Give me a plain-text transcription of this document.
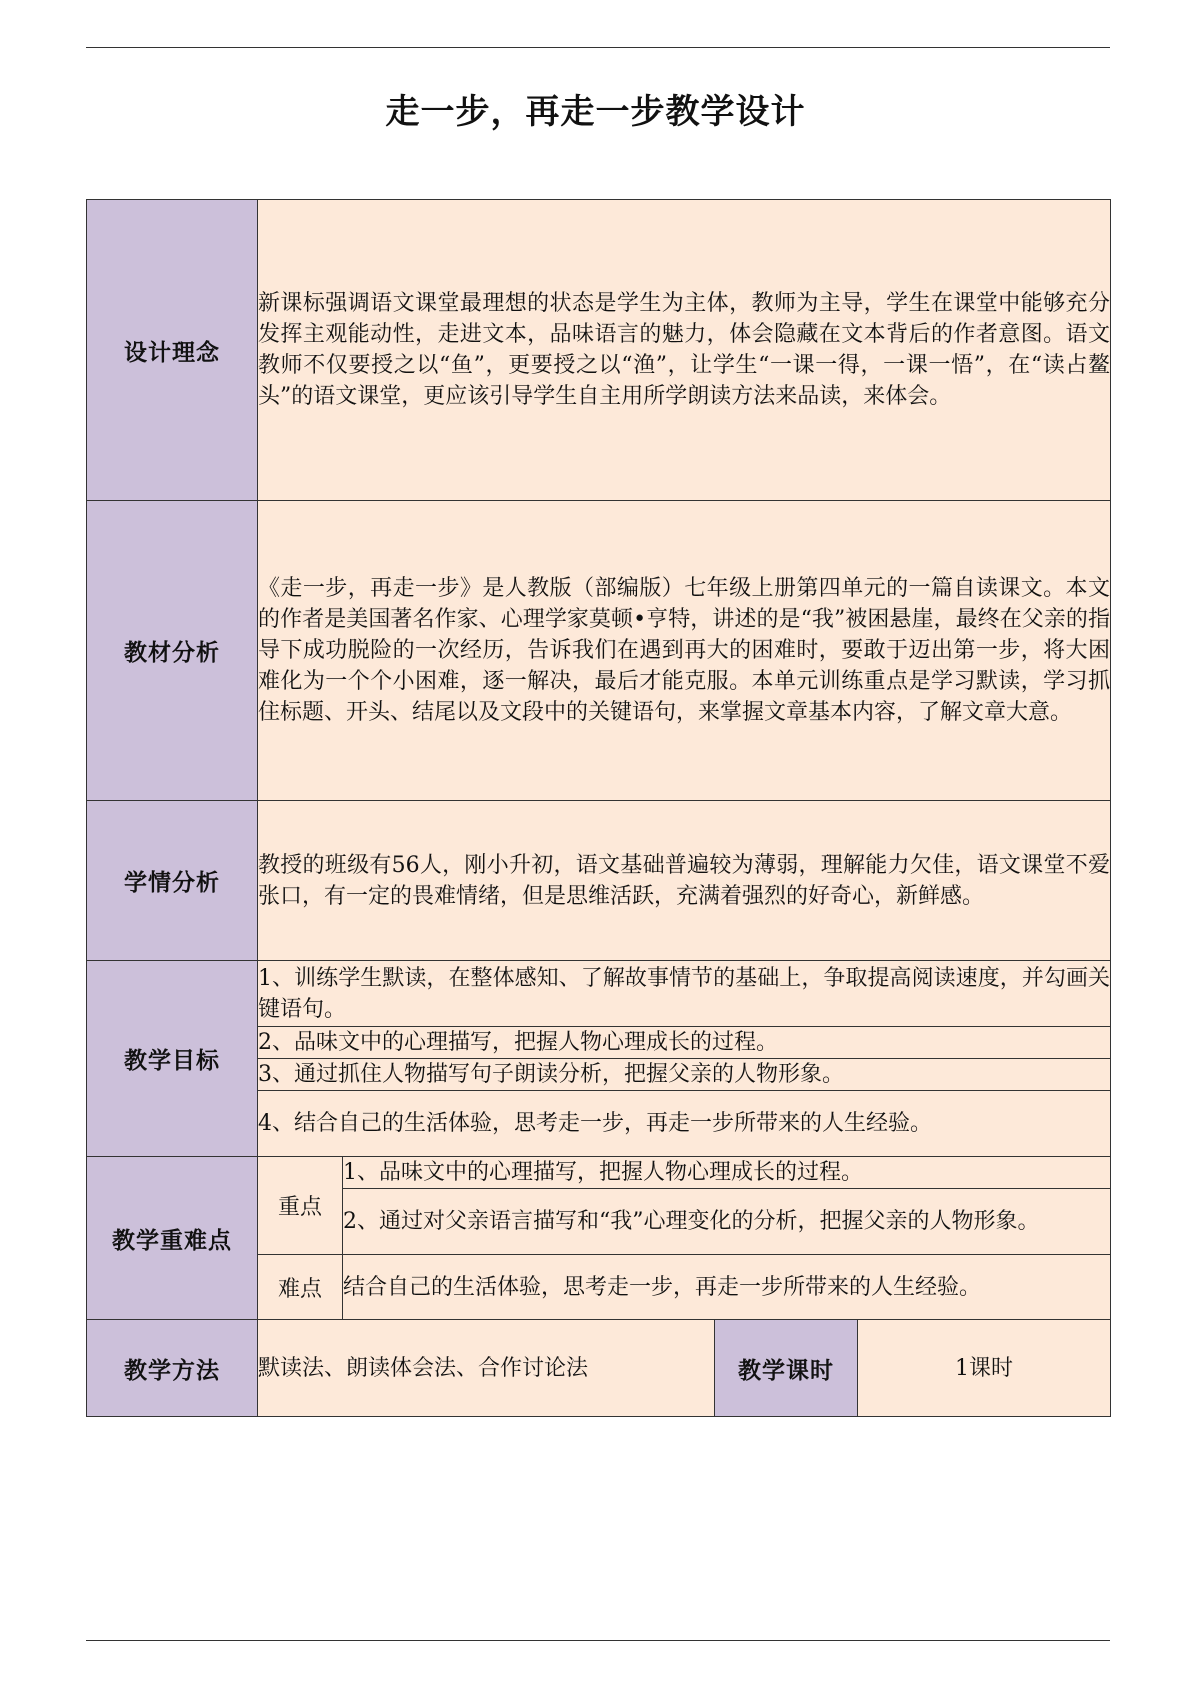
走一步，再走一步教学设计
设计理念	新课标强调语文课堂最理想的状态是学生为主体，教师为主导，学生在课堂中能够充分发挥主观能动性，走进文本，品味语言的魅力，体会隐藏在文本背后的作者意图。语文教师不仅要授之以“鱼”，更要授之以“渔”，让学生“一课一得，一课一悟”，在“读占鳌头”的语文课堂，更应该引导学生自主用所学朗读方法来品读，来体会。			

教材分析	《走一步，再走一步》是人教版（部编版）七年级上册第四单元的一篇自读课文。本文的作者是美国著名作家、心理学家莫顿•亨特，讲述的是“我”被困悬崖，最终在父亲的指导下成功脱险的一次经历，告诉我们在遇到再大的困难时，要敢于迈出第一步，将大困难化为一个个小困难，逐一解决，最后才能克服。本单元训练重点是学习默读，学习抓住标题、开头、结尾以及文段中的关键语句，来掌握文章基本内容，了解文章大意。			

学情分析	教授的班级有56人，刚小升初，语文基础普遍较为薄弱，理解能力欠佳，语文课堂不爱张口，有一定的畏难情绪，但是思维活跃，充满着强烈的好奇心，新鲜感。			

教学目标	1、训练学生默读，在整体感知、了解故事情节的基础上，争取提高阅读速度，并勾画关键语句。			

	2、品味文中的心理描写，把握人物心理成长的过程。			

	3、通过抓住人物描写句子朗读分析，把握父亲的人物形象。			

	4、结合自己的生活体验，思考走一步，再走一步所带来的人生经验。			

教学重难点	重点	1、品味文中的心理描写，把握人物心理成长的过程。		

		2、通过对父亲语言描写和“我”心理变化的分析，把握父亲的人物形象。		

	难点	结合自己的生活体验，思考走一步，再走一步所带来的人生经验。		

教学方法	默读法、朗读体会法、合作讨论法		教学课时	1课时
